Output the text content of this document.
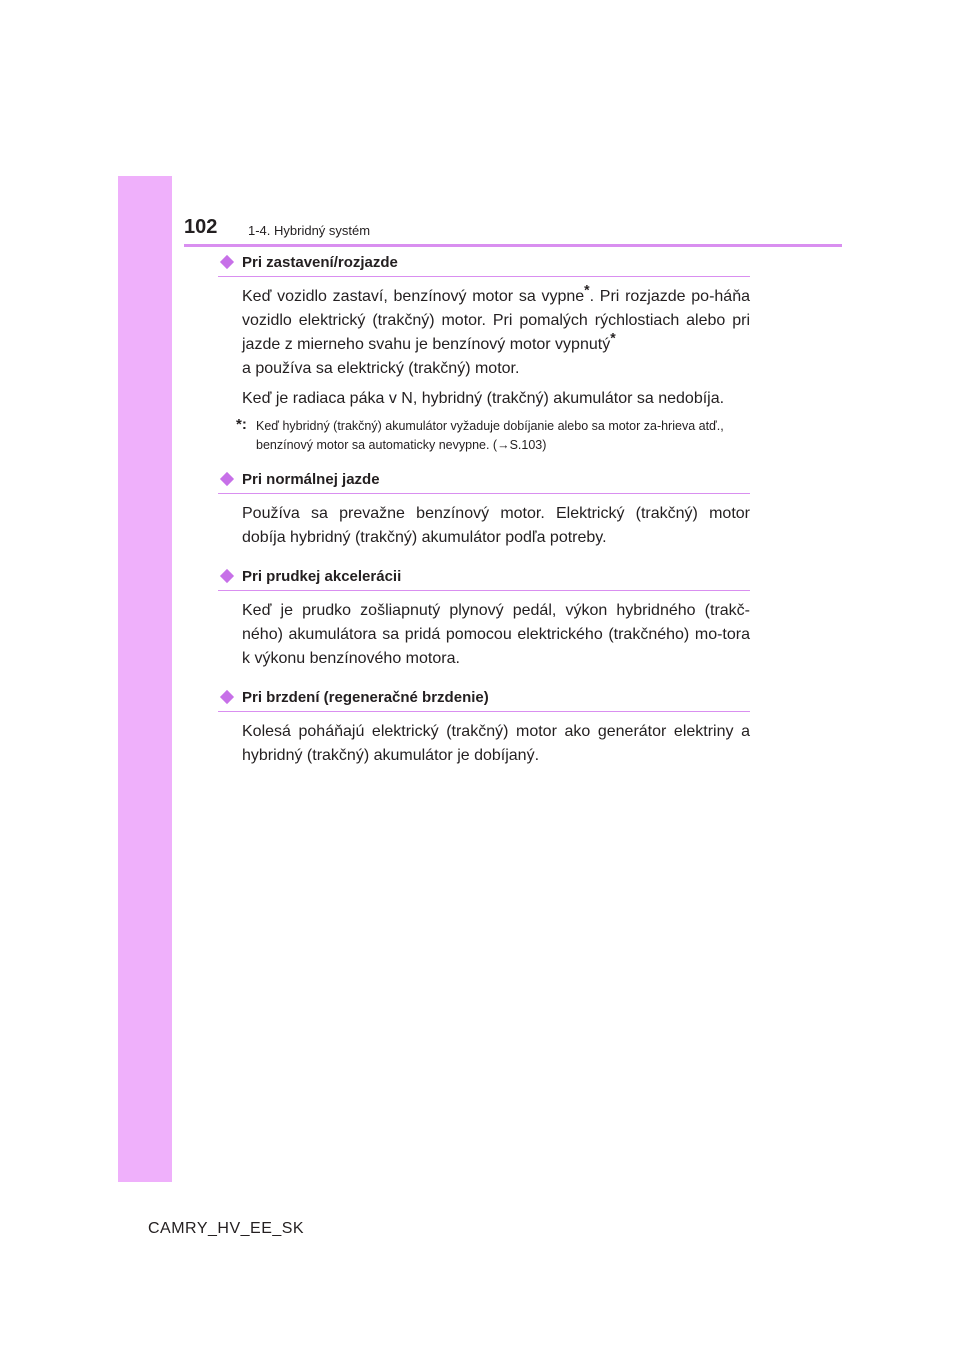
102 1-4. Hybridný systém
Pri zastavení/rozjazde

Keď vozidlo zastaví, benzínový motor sa vypne*. Pri rozjazde po-háňa vozidlo elektrický (trakčný) motor. Pri pomalých rýchlostiach alebo pri jazde z mierneho svahu je benzínový motor vypnutý*
a používa sa elektrický (trakčný) motor.

Keď je radiaca páka v N, hybridný (trakčný) akumulátor sa nedobíja.

*: Keď hybridný (trakčný) akumulátor vyžaduje dobíjanie alebo sa motor za-hrieva atď., benzínový motor sa automaticky nevypne. (→S.103)
Pri normálnej jazde

Používa sa prevažne benzínový motor. Elektrický (trakčný) motor dobíja hybridný (trakčný) akumulátor podľa potreby.

Pri prudkej akcelerácii

Keď je prudko zošliapnutý plynový pedál, výkon hybridného (trakč-ného) akumulátora sa pridá pomocou elektrického (trakčného) mo-tora k výkonu benzínového motora.

Pri brzdení (regeneračné brzdenie)

Kolesá poháňajú elektrický (trakčný) motor ako generátor elektriny a hybridný (trakčný) akumulátor je dobíjaný.

CAMRY_HV_EE_SK
